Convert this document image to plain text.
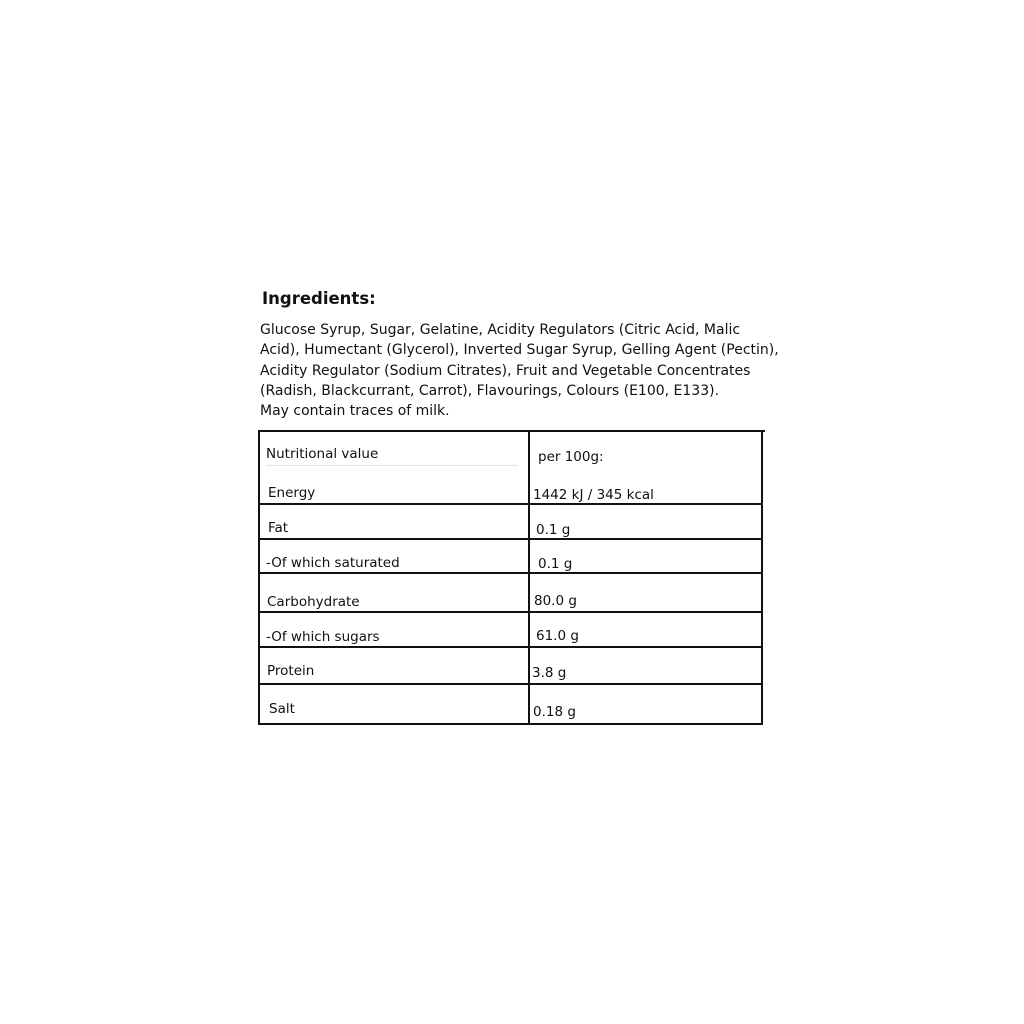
Ingredients:

Glucose Syrup, Sugar, Gelatine, Acidity Regulators (Citric Acid, Malic Acid), Humectant (Glycerol), Inverted Sugar Syrup, Gelling Agent (Pectin), Acidity Regulator (Sodium Citrates), Fruit and Vegetable Concentrates (Radish, Blackcurrant, Carrot), Flavourings, Colours (E100, E133).

May contain traces of milk.

Nutritional value	per 100g:
Energy	1442 kJ / 345 kcal
Fat	0.1 g
-Of which saturated	0.1 g
Carbohydrate	80.0 g
-Of which sugars	61.0 g
Protein	3.8 g
Salt	0.18 g
